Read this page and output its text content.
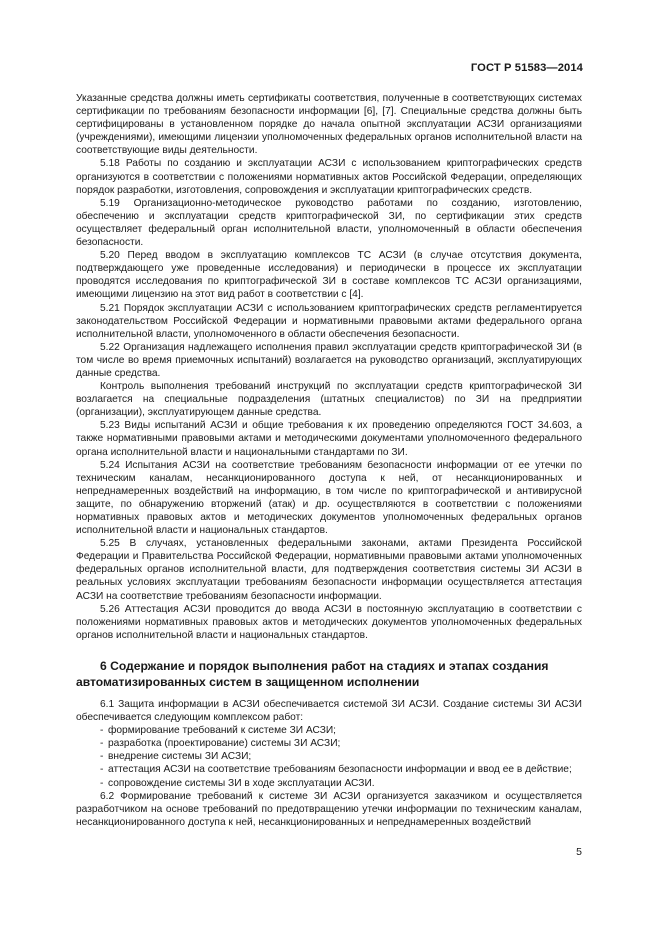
ГОСТ Р 51583—2014

Указанные средства должны иметь сертификаты соответствия, полученные в соответствующих системах сертификации по требованиям безопасности информации [6], [7]. Специальные средства должны быть сертифицированы в установленном порядке до начала опытной эксплуатации АСЗИ организациями (учреждениями), имеющими лицензии уполномоченных федеральных органов исполнительной власти на соответствующие виды деятельности.

5.18 Работы по созданию и эксплуатации АСЗИ с использованием криптографических средств организуются в соответствии с положениями нормативных актов Российской Федерации, определяющих порядок разработки, изготовления, сопровождения и эксплуатации криптографических средств.

5.19 Организационно-методическое руководство работами по созданию, изготовлению, обеспечению и эксплуатации средств криптографической ЗИ, по сертификации этих средств осуществляет федеральный орган исполнительной власти, уполномоченный в области обеспечения безопасности.

5.20 Перед вводом в эксплуатацию комплексов ТС АСЗИ (в случае отсутствия документа, подтверждающего уже проведенные исследования) и периодически в процессе их эксплуатации проводятся исследования по криптографической ЗИ в составе комплексов ТС АСЗИ организациями, имеющими лицензию на этот вид работ в соответствии с [4].

5.21 Порядок эксплуатации АСЗИ с использованием криптографических средств регламентируется законодательством Российской Федерации и нормативными правовыми актами федерального органа исполнительной власти, уполномоченного в области обеспечения безопасности.

5.22 Организация надлежащего исполнения правил эксплуатации средств криптографической ЗИ (в том числе во время приемочных испытаний) возлагается на руководство организаций, эксплуатирующих данные средства.

Контроль выполнения требований инструкций по эксплуатации средств криптографической ЗИ возлагается на специальные подразделения (штатных специалистов) по ЗИ на предприятии (организации), эксплуатирующем данные средства.

5.23 Виды испытаний АСЗИ и общие требования к их проведению определяются ГОСТ 34.603, а также нормативными правовыми актами и методическими документами уполномоченного федерального органа исполнительной власти и национальными стандартами по ЗИ.

5.24 Испытания АСЗИ на соответствие требованиям безопасности информации от ее утечки по техническим каналам, несанкционированного доступа к ней, от несанкционированных и непреднамеренных воздействий на информацию, в том числе по криптографической и антивирусной защите, по обнаружению вторжений (атак) и др. осуществляются в соответствии с положениями нормативных правовых актов и методических документов уполномоченных федеральных органов исполнительной власти и национальных стандартов.

5.25 В случаях, установленных федеральными законами, актами Президента Российской Федерации и Правительства Российской Федерации, нормативными правовыми актами уполномоченных федеральных органов исполнительной власти, для подтверждения соответствия системы ЗИ АСЗИ в реальных условиях эксплуатации требованиям безопасности информации осуществляется аттестация АСЗИ на соответствие требованиям безопасности информации.

5.26 Аттестация АСЗИ проводится до ввода АСЗИ в постоянную эксплуатацию в соответствии с положениями нормативных правовых актов и методических документов уполномоченных федеральных органов исполнительной власти и национальных стандартов.

6 Содержание и порядок выполнения работ на стадиях и этапах создания автоматизированных систем в защищенном исполнении

6.1 Защита информации в АСЗИ обеспечивается системой ЗИ АСЗИ. Создание системы ЗИ АСЗИ обеспечивается следующим комплексом работ:

- формирование требований к системе ЗИ АСЗИ;
- разработка (проектирование) системы ЗИ АСЗИ;
- внедрение системы ЗИ АСЗИ;
- аттестация АСЗИ на соответствие требованиям безопасности информации и ввод ее в действие;
- сопровождение системы ЗИ в ходе эксплуатации АСЗИ.

6.2 Формирование требований к системе ЗИ АСЗИ организуется заказчиком и осуществляется разработчиком на основе требований по предотвращению утечки информации по техническим каналам, несанкционированного доступа к ней, несанкционированных и непреднамеренных воздействий

5
